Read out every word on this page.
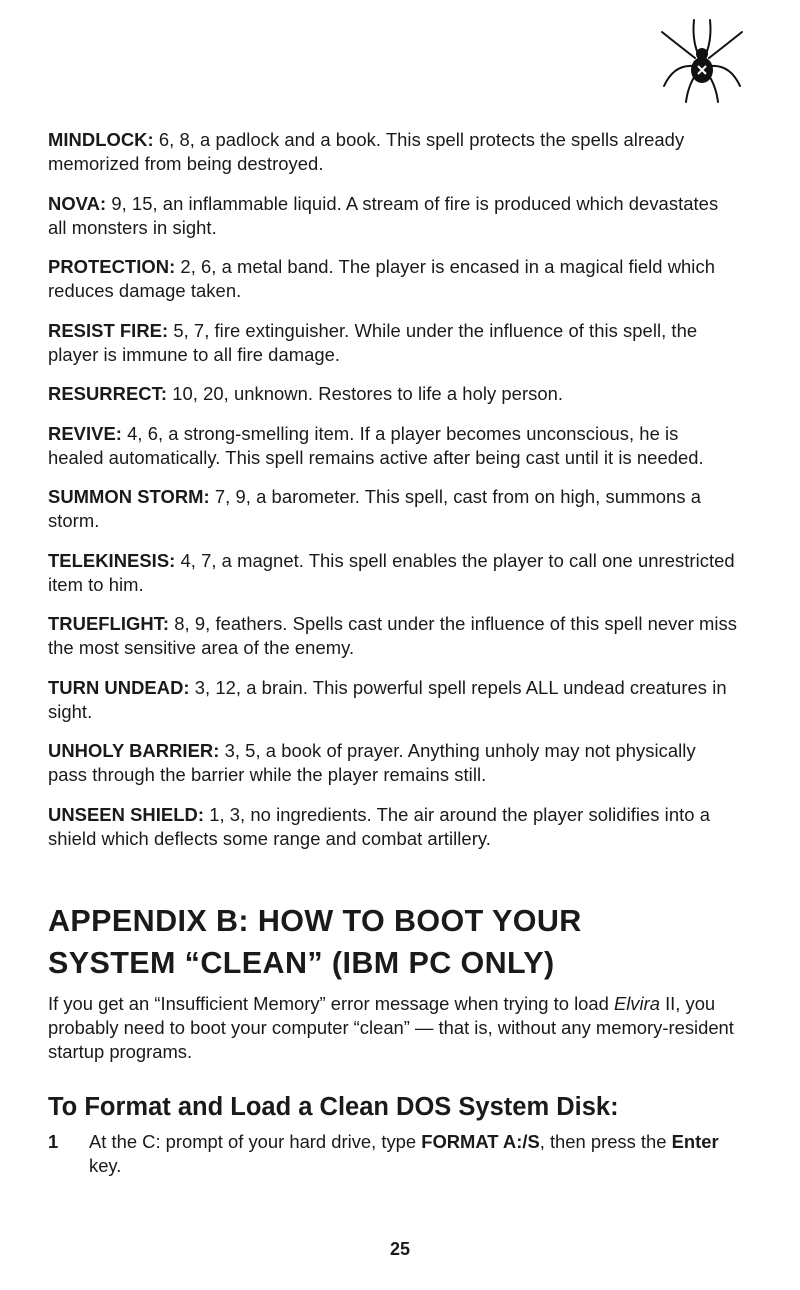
MINDLOCK: 6, 8, a padlock and a book. This spell protects the spells already memorized from being destroyed.

NOVA: 9, 15, an inflammable liquid. A stream of fire is produced which devastates all monsters in sight.

PROTECTION: 2, 6, a metal band. The player is encased in a magical field which reduces damage taken.

RESIST FIRE: 5, 7, fire extinguisher. While under the influence of this spell, the player is immune to all fire damage.

RESURRECT: 10, 20, unknown. Restores to life a holy person.

REVIVE: 4, 6, a strong-smelling item. If a player becomes unconscious, he is healed automatically. This spell remains active after being cast until it is needed.

SUMMON STORM: 7, 9, a barometer. This spell, cast from on high, summons a storm.

TELEKINESIS: 4, 7, a magnet. This spell enables the player to call one unrestricted item to him.

TRUEFLIGHT: 8, 9, feathers. Spells cast under the influence of this spell never miss the most sensitive area of the enemy.

TURN UNDEAD: 3, 12, a brain. This powerful spell repels ALL undead creatures in sight.

UNHOLY BARRIER: 3, 5, a book of prayer. Anything unholy may not physically pass through the barrier while the player remains still.

UNSEEN SHIELD: 1, 3, no ingredients. The air around the player solidifies into a shield which deflects some range and combat artillery.

APPENDIX B: HOW TO BOOT YOUR
SYSTEM “CLEAN” (IBM PC ONLY)

If you get an “Insufficient Memory” error message when trying to load Elvira II, you probably need to boot your computer “clean” — that is, without any memory-resident startup programs.

To Format and Load a Clean DOS System Disk:
1 At the C: prompt of your hard drive, type FORMAT A:/S, then press the Enter key.
25
